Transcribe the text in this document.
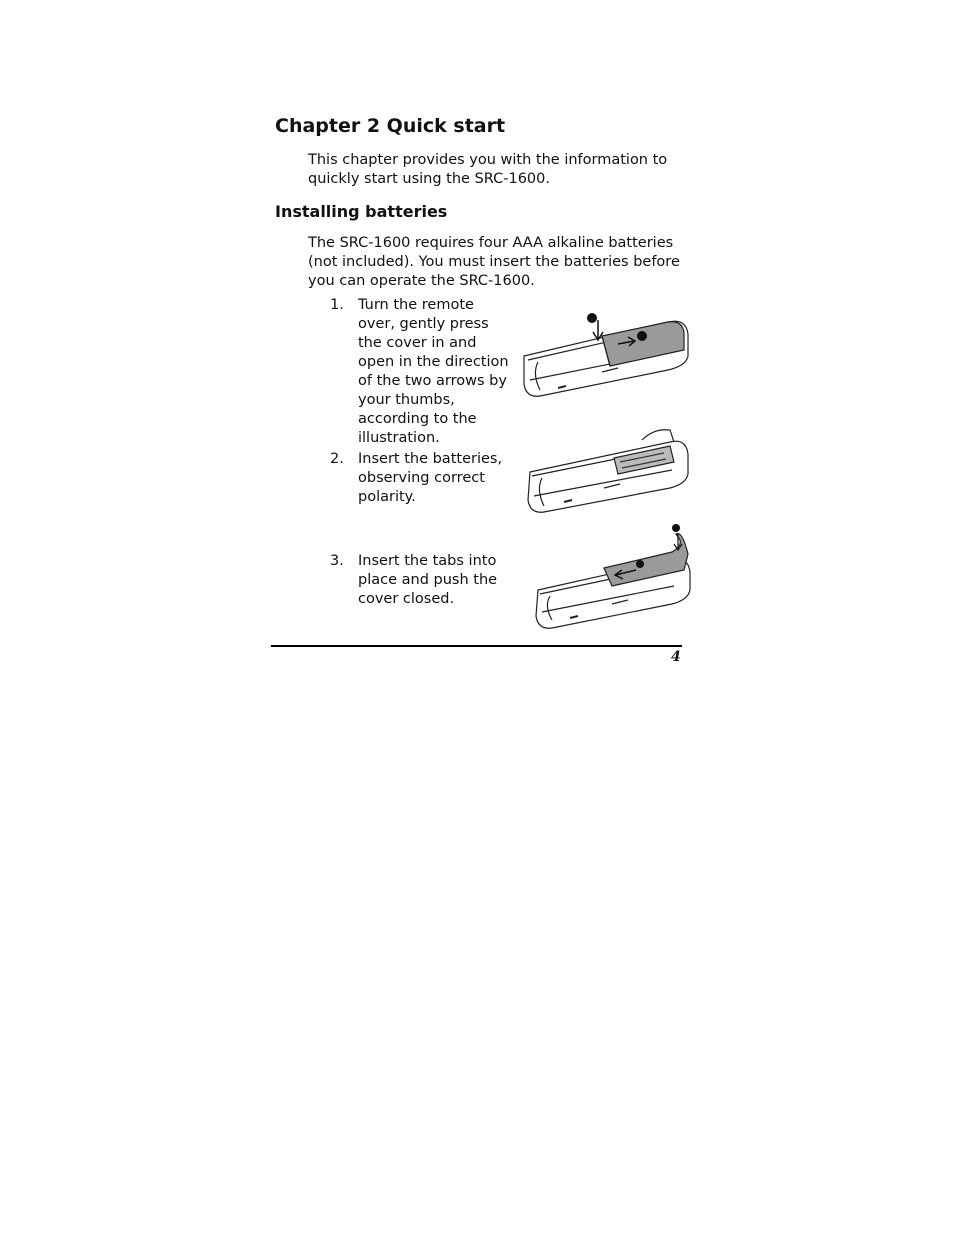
Chapter 2 Quick start

This chapter provides you with the information to quickly start using the SRC-1600.

Installing batteries

The SRC-1600 requires four AAA alkaline batteries (not included). You must insert the batteries before you can operate the SRC-1600.

1. Turn the remote over, gently press the cover in and open in the direction of the two arrows by your thumbs, according to the illustration.
2. Insert the batteries, observing correct polarity.
3. Insert the tabs into place and push the cover closed.
4
